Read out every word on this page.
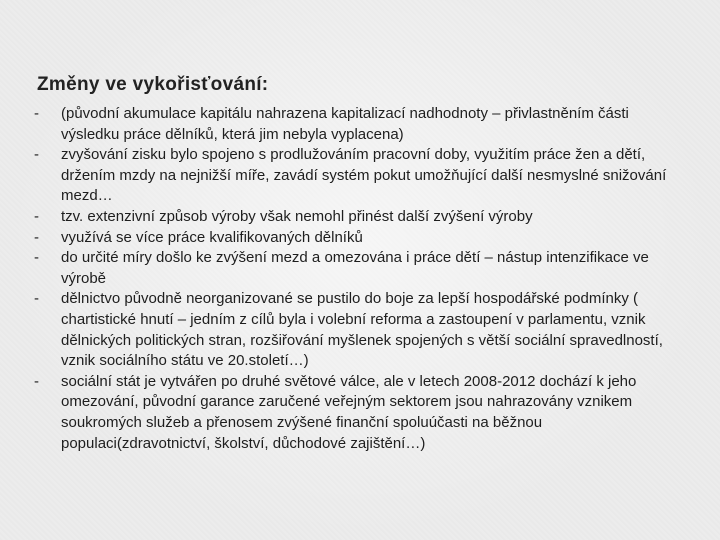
Změny ve vykořisťování:
- (původní akumulace kapitálu nahrazena kapitalizací nadhodnoty – přivlastněním části výsledku práce dělníků, která jim nebyla vyplacena)
- zvyšování zisku bylo spojeno s prodlužováním pracovní doby, využitím práce žen a dětí, držením mzdy na nejnižší míře, zavádí systém pokut umožňující další nesmyslné snižování mezd…
- tzv. extenzivní způsob výroby však nemohl přinést další zvýšení výroby
- využívá se více práce kvalifikovaných dělníků
- do určité míry došlo ke zvýšení mezd a omezována i práce dětí – nástup intenzifikace ve výrobě
- dělnictvo původně neorganizované se pustilo do boje za lepší hospodářské podmínky ( chartistické hnutí – jedním z cílů byla i volební reforma a zastoupení v parlamentu, vznik dělnických politických stran, rozšiřování myšlenek spojených s větší sociální spravedlností, vznik sociálního státu ve 20.století…)
- sociální stát je vytvářen po druhé světové válce, ale v letech 2008-2012 dochází k jeho omezování, původní garance zaručené veřejným sektorem jsou nahrazovány vznikem soukromých služeb a přenosem zvýšené finanční spoluúčasti na běžnou populaci(zdravotnictví, školství, důchodové zajištění…)
